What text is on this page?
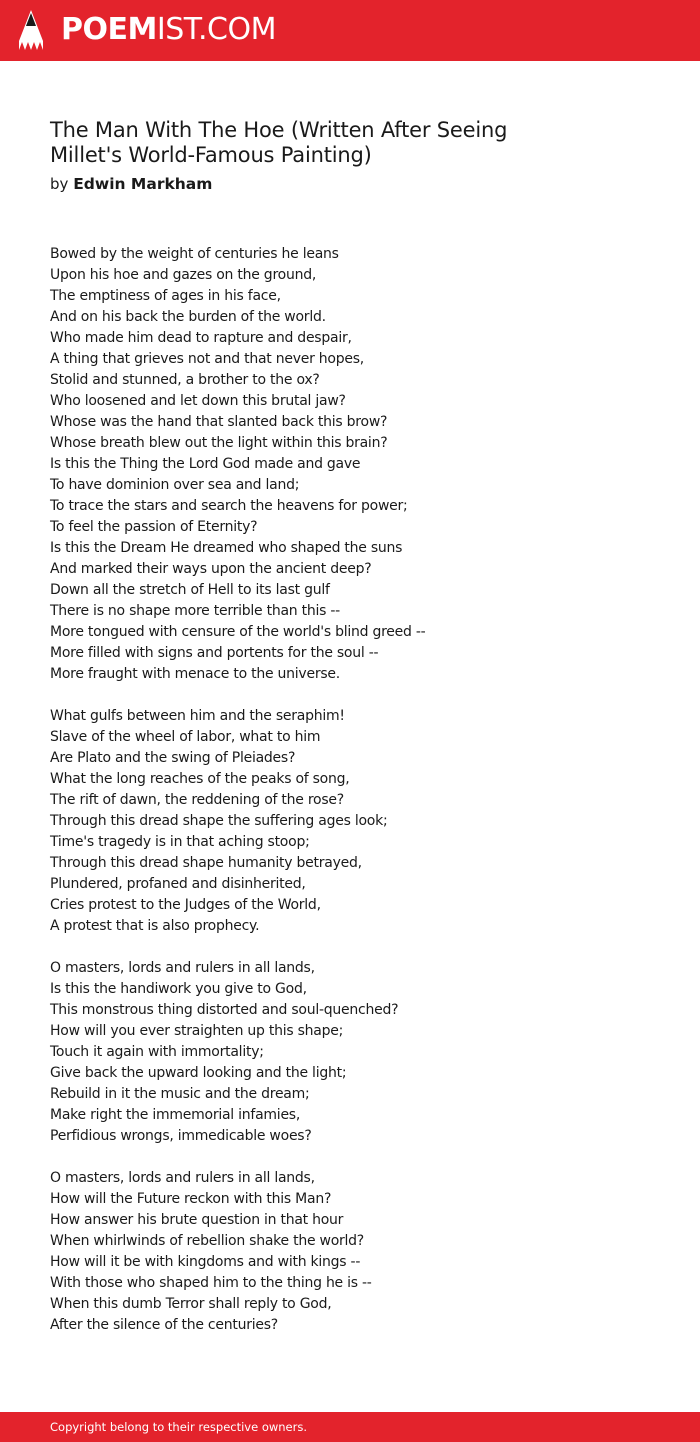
POEMIST.COM
The Man With The Hoe (Written After Seeing Millet's World-Famous Painting)
by Edwin Markham
Bowed by the weight of centuries he leans
Upon his hoe and gazes on the ground,
The emptiness of ages in his face,
And on his back the burden of the world.
Who made him dead to rapture and despair,
A thing that grieves not and that never hopes,
Stolid and stunned, a brother to the ox?
Who loosened and let down this brutal jaw?
Whose was the hand that slanted back this brow?
Whose breath blew out the light within this brain?
Is this the Thing the Lord God made and gave
To have dominion over sea and land;
To trace the stars and search the heavens for power;
To feel the passion of Eternity?
Is this the Dream He dreamed who shaped the suns
And marked their ways upon the ancient deep?
Down all the stretch of Hell to its last gulf
There is no shape more terrible than this --
More tongued with censure of the world's blind greed --
More filled with signs and portents for the soul --
More fraught with menace to the universe.
What gulfs between him and the seraphim!
Slave of the wheel of labor, what to him
Are Plato and the swing of Pleiades?
What the long reaches of the peaks of song,
The rift of dawn, the reddening of the rose?
Through this dread shape the suffering ages look;
Time's tragedy is in that aching stoop;
Through this dread shape humanity betrayed,
Plundered, profaned and disinherited,
Cries protest to the Judges of the World,
A protest that is also prophecy.
O masters, lords and rulers in all lands,
Is this the handiwork you give to God,
This monstrous thing distorted and soul-quenched?
How will you ever straighten up this shape;
Touch it again with immortality;
Give back the upward looking and the light;
Rebuild in it the music and the dream;
Make right the immemorial infamies,
Perfidious wrongs, immedicable woes?
O masters, lords and rulers in all lands,
How will the Future reckon with this Man?
How answer his brute question in that hour
When whirlwinds of rebellion shake the world?
How will it be with kingdoms and with kings --
With those who shaped him to the thing he is --
When this dumb Terror shall reply to God,
After the silence of the centuries?
Copyright belong to their respective owners.
